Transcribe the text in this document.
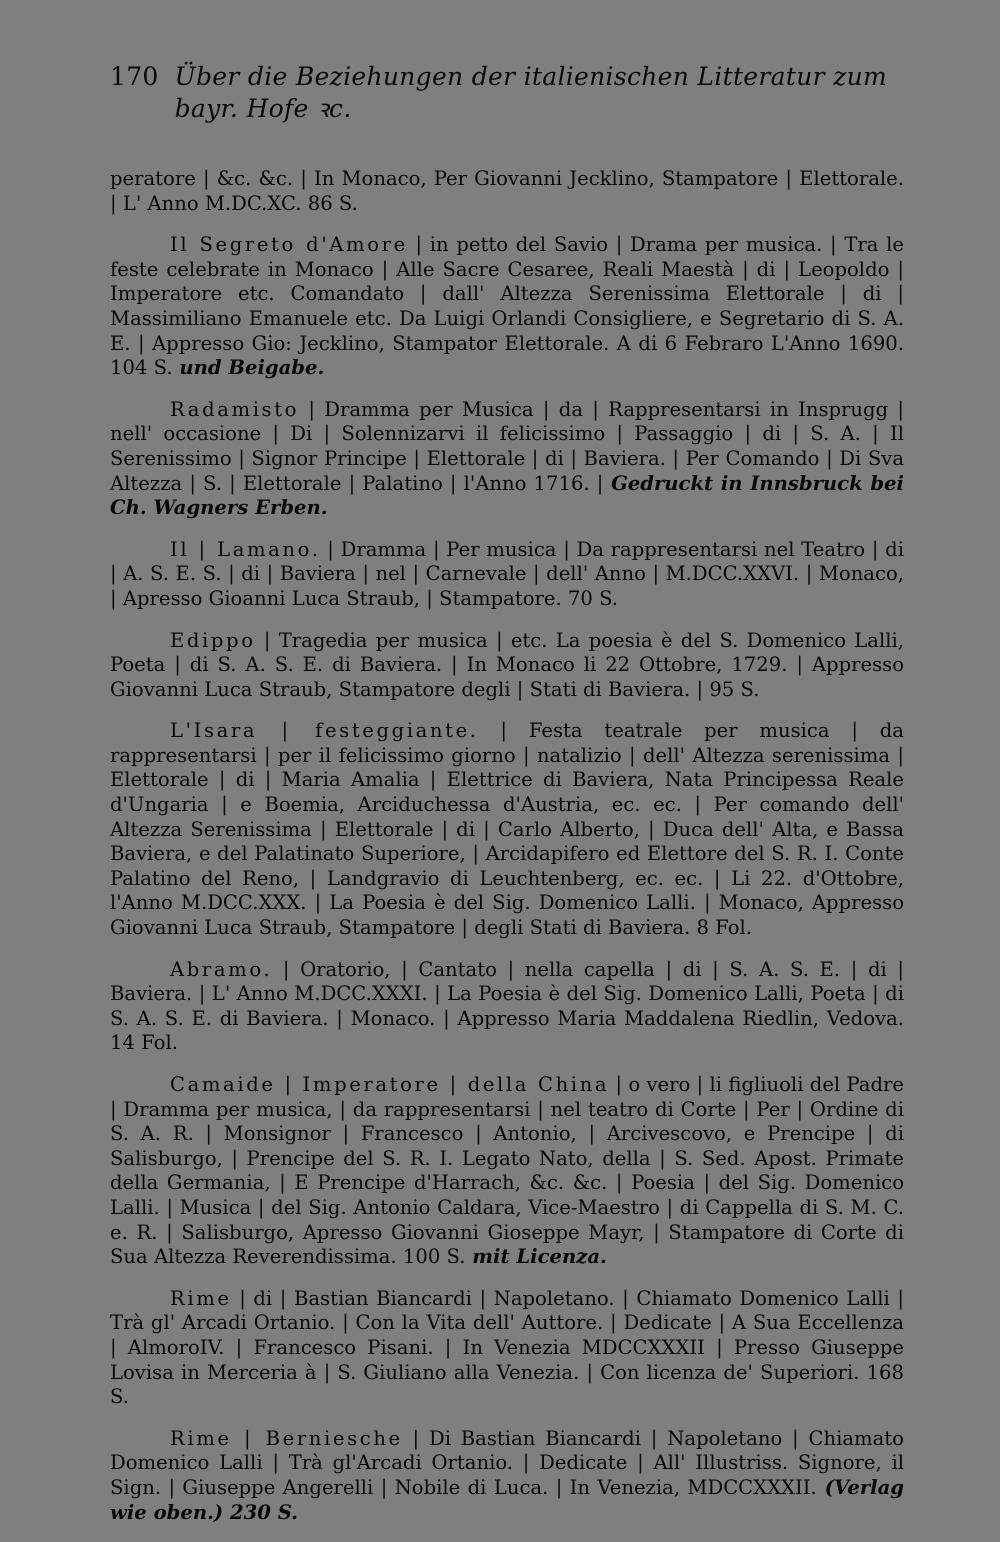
170 Über die Beziehungen der italienischen Litteratur zum bayr. Hofe ꝛc.

peratore | &c. &c. | In Monaco, Per Giovanni Jecklino, Stampatore | Elettorale. | L' Anno M.DC.XC. 86 S.

Il Segreto d'Amore | in petto del Savio | Drama per musica. | Tra le feste celebrate in Monaco | Alle Sacre Cesaree, Reali Maestà | di | Leopoldo | Imperatore etc. Comandato | dall' Altezza Serenissima Elettorale | di | Massimiliano Emanuele etc. Da Luigi Orlandi Consigliere, e Segretario di S. A. E. | Appresso Gio: Jecklino, Stampator Elettorale. A di 6 Febraro L'Anno 1690. 104 S. und Beigabe.

Radamisto | Dramma per Musica | da | Rappresentarsi in Insprugg | nell' occasione | Di | Solennizarvi il felicissimo | Passaggio | di | S. A. | Il Serenissimo | Signor Principe | Elettorale | di | Baviera. | Per Comando | Di Sva Altezza | S. | Elettorale | Palatino | l'Anno 1716. | Gedruckt in Innsbruck bei Ch. Wagners Erben.

Il | Lamano. | Dramma | Per musica | Da rappresentarsi nel Teatro | di | A. S. E. S. | di | Baviera | nel | Carnevale | dell' Anno | M.DCC.XXVI. | Monaco, | Apresso Gioanni Luca Straub, | Stampatore. 70 S.

Edippo | Tragedia per musica | etc. La poesia è del S. Domenico Lalli, Poeta | di S. A. S. E. di Baviera. | In Monaco li 22 Ottobre, 1729. | Appresso Giovanni Luca Straub, Stampatore degli | Stati di Baviera. | 95 S.

L'Isara | festeggiante. | Festa teatrale per musica | da rappresentarsi | per il felicissimo giorno | natalizio | dell' Altezza serenissima | Elettorale | di | Maria Amalia | Elettrice di Baviera, Nata Principessa Reale d'Ungaria | e Boemia, Arciduchessa d'Austria, ec. ec. | Per comando dell' Altezza Serenissima | Elettorale | di | Carlo Alberto, | Duca dell' Alta, e Bassa Baviera, e del Palatinato Superiore, | Arcidapifero ed Elettore del S. R. I. Conte Palatino del Reno, | Landgravio di Leuchtenberg, ec. ec. | Li 22. d'Ottobre, l'Anno M.DCC.XXX. | La Poesia è del Sig. Domenico Lalli. | Monaco, Appresso Giovanni Luca Straub, Stampatore | degli Stati di Baviera. 8 Fol.

Abramo. | Oratorio, | Cantato | nella capella | di | S. A. S. E. | di | Baviera. | L' Anno M.DCC.XXXI. | La Poesia è del Sig. Domenico Lalli, Poeta | di S. A. S. E. di Baviera. | Monaco. | Appresso Maria Maddalena Riedlin, Vedova. 14 Fol.

Camaide | Imperatore | della China | o vero | li figliuoli del Padre | Dramma per musica, | da rappresentarsi | nel teatro di Corte | Per | Ordine di S. A. R. | Monsignor | Francesco | Antonio, | Arcivescovo, e Prencipe | di Salisburgo, | Prencipe del S. R. I. Legato Nato, della | S. Sed. Apost. Primate della Germania, | E Prencipe d'Harrach, &c. &c. | Poesia | del Sig. Domenico Lalli. | Musica | del Sig. Antonio Caldara, Vice-Maestro | di Cappella di S. M. C. e. R. | Salisburgo, Apresso Giovanni Gioseppe Mayr, | Stampatore di Corte di Sua Altezza Reverendissima. 100 S. mit Licenza.

Rime | di | Bastian Biancardi | Napoletano. | Chiamato Domenico Lalli | Trà gl' Arcadi Ortanio. | Con la Vita dell' Auttore. | Dedicate | A Sua Eccellenza | AlmoroIV. | Francesco Pisani. | In Venezia MDCCXXXII | Presso Giuseppe Lovisa in Merceria à | S. Giuliano alla Venezia. | Con licenza de' Superiori. 168 S.

Rime | Berniesche | Di Bastian Biancardi | Napoletano | Chiamato Domenico Lalli | Trà gl'Arcadi Ortanio. | Dedicate | All' Illustriss. Signore, il Sign. | Giuseppe Angerelli | Nobile di Luca. | In Venezia, MDCCXXXII. (Verlag wie oben.) 230 S.
